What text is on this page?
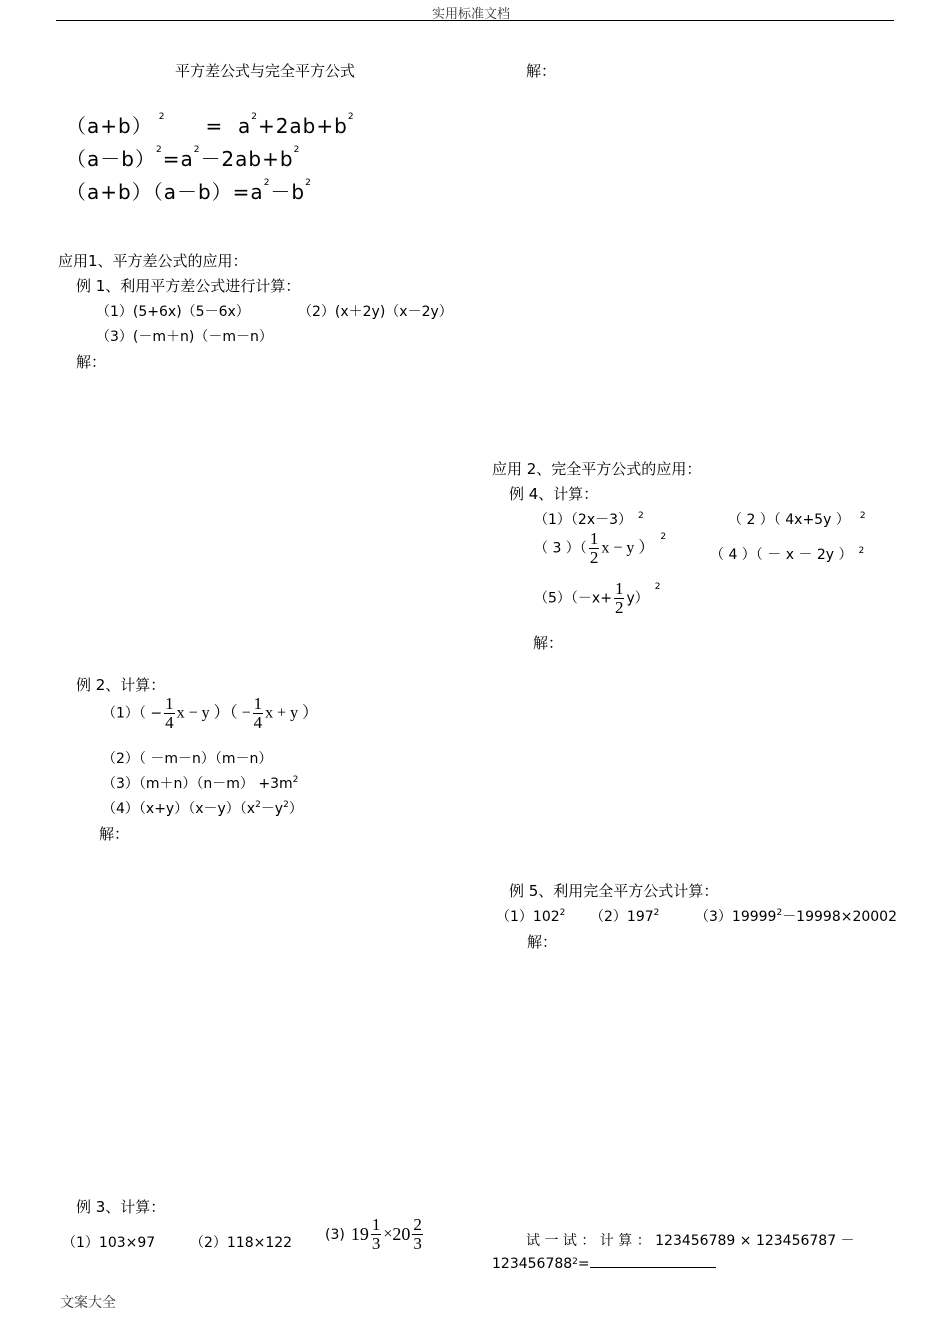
实用标准文档
平方差公式与完全平方公式	解：
（a+b） $^2 = a^2+2ab+b^2$
$(a-b)^2=a^2-2ab+b^2$
$(a+b)(a-b)=a^2-b^2$
应用1、平方差公式的应用：
例 1、利用平方差公式进行计算：
（1）(5+6x)（5－6x）	（2）(x＋2y)（x－2y）
（3）(－m＋n)（－m－n）
解：
应用 2、完全平方公式的应用：
例 4、计算：
（1）（2x－3） $^2$	（ 2 ）（ 4x+5y ） $^2$
（ 3 ）（ $\frac{1}{2}$ x − y ）$^2$
（ 4 ）（ － x － 2y ） $^2$
$(5)(-x+ \frac{1}{2} y)^2$
解：
例 2、计算：
$(1)( - \frac{1}{4}$ x − y ）（ − $\frac{1}{4}$ x + y ）
（2）（ －m－n）（m－n）
$(3)(m+n)(n-m) +3m^2$
$(4)(x+y)(x-y)(x^2-y^2)$
解：
例 5、利用完全平方公式计算：
$(1)102^2$ $(2)197^2$	$(3)19999^2-19998\times 20002$
解：
例 3、计算：
（1）103×97 （2）118×122
(3) $19 \frac{1}{3} \times 20 \frac{2}{3}$	试 一 试 ： 计 算 ： 123456789 × 123456787 －
$123456788^2=$
文案大全
